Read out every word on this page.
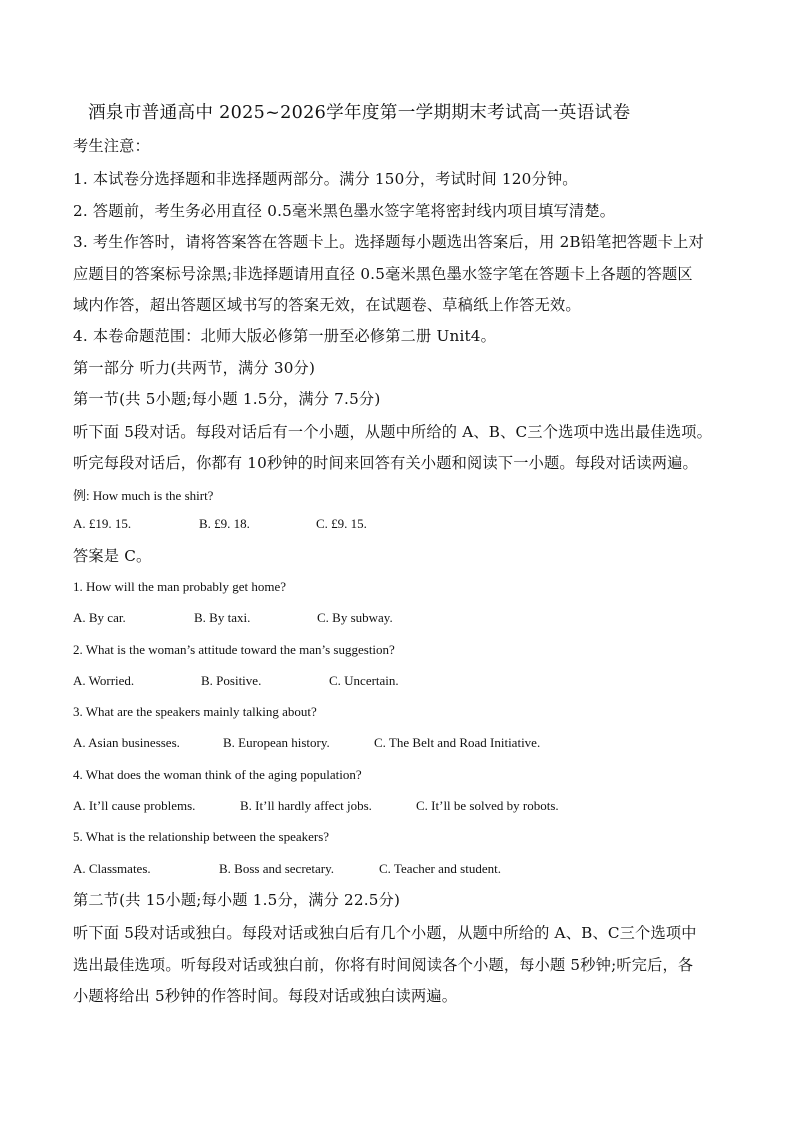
酒泉市普通高中 2025~2026学年度第一学期期末考试高一英语试卷
考生注意：
1. 本试卷分选择题和非选择题两部分。满分 150分，考试时间 120分钟。
2. 答题前，考生务必用直径 0.5毫米黑色墨水签字笔将密封线内项目填写清楚。
3. 考生作答时，请将答案答在答题卡上。选择题每小题选出答案后，用 2B铅笔把答题卡上对
应题目的答案标号涂黑;非选择题请用直径 0.5毫米黑色墨水签字笔在答题卡上各题的答题区
域内作答，超出答题区域书写的答案无效，在试题卷、草稿纸上作答无效。
4. 本卷命题范围：北师大版必修第一册至必修第二册 Unit4。
第一部分 听力(共两节，满分 30分)
第一节(共 5小题;每小题 1.5分，满分 7.5分)
听下面 5段对话。每段对话后有一个小题，从题中所给的 A、B、C三个选项中选出最佳选项。
听完每段对话后，你都有 10秒钟的时间来回答有关小题和阅读下一小题。每段对话读两遍。
例: How much is the shirt?
A. £19. 15.	B. £9. 18.	C. £9. 15.
答案是 C。
1. How will the man probably get home?
A. By car.	B. By taxi.	C. By subway.
2. What is the woman’s attitude toward the man’s suggestion?
A. Worried.	B. Positive.	C. Uncertain.
3. What are the speakers mainly talking about?
A. Asian businesses.	B. European history.	C. The Belt and Road Initiative.
4. What does the woman think of the aging population?
A. It’ll cause problems.	B. It’ll hardly affect jobs.	C. It’ll be solved by robots.
5. What is the relationship between the speakers?
A. Classmates.	B. Boss and secretary.	C. Teacher and student.
第二节(共 15小题;每小题 1.5分，满分 22.5分)
听下面 5段对话或独白。每段对话或独白后有几个小题，从题中所给的 A、B、C三个选项中
选出最佳选项。听每段对话或独白前，你将有时间阅读各个小题，每小题 5秒钟;听完后，各
小题将给出 5秒钟的作答时间。每段对话或独白读两遍。
